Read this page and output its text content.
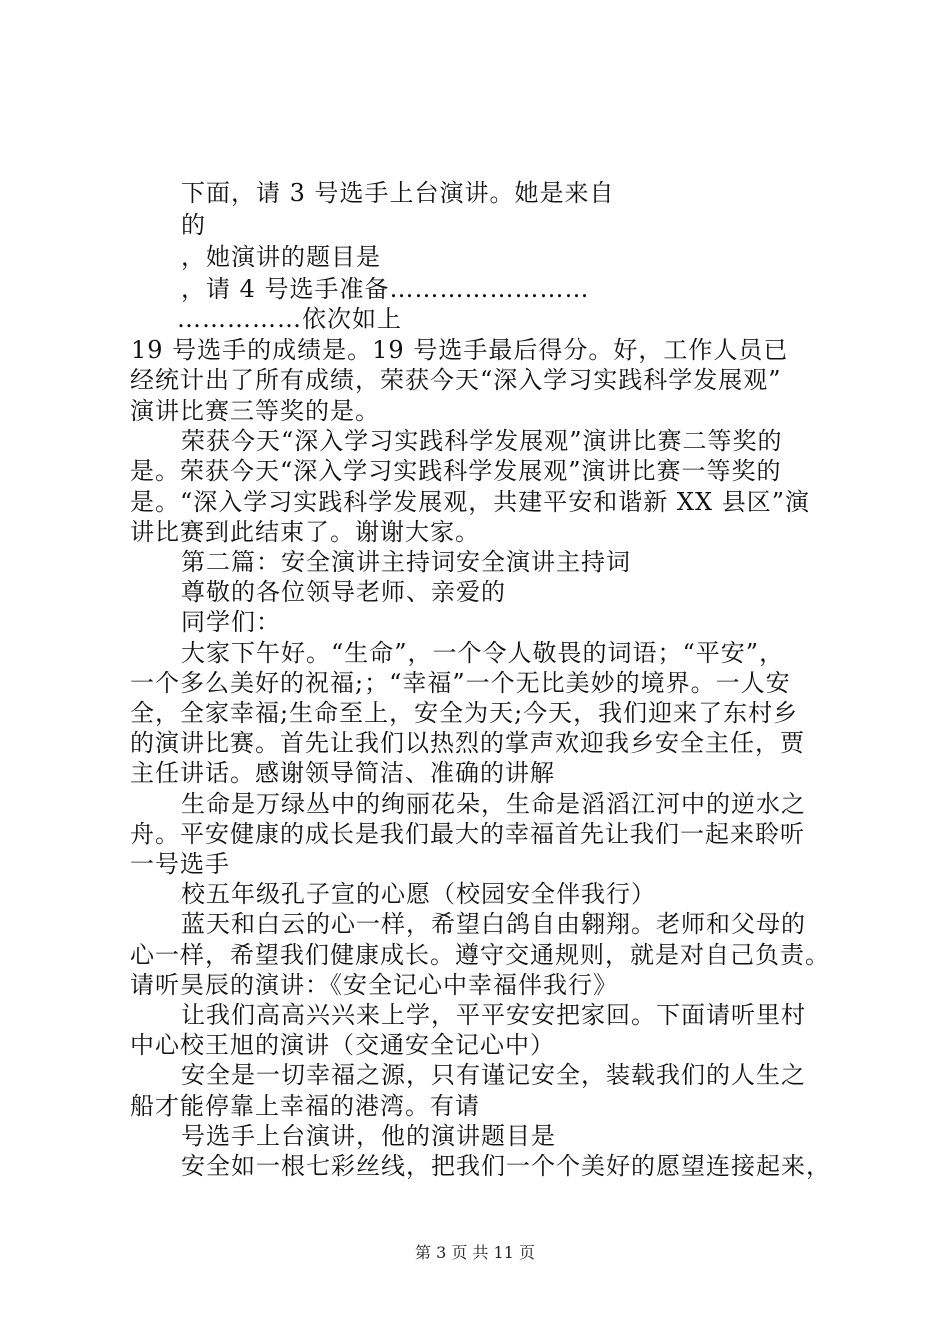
下面，请 3 号选手上台演讲。她是来自
的
，她演讲的题目是
，请 4 号选手准备……………………
……………依次如上
19 号选手的成绩是。19 号选手最后得分。好，工作人员已
经统计出了所有成绩，荣获今天“深入学习实践科学发展观”
演讲比赛三等奖的是。
荣获今天“深入学习实践科学发展观”演讲比赛二等奖的
是。荣获今天“深入学习实践科学发展观”演讲比赛一等奖的
是。“深入学习实践科学发展观，共建平安和谐新 XX 县区”演
讲比赛到此结束了。谢谢大家。
第二篇：安全演讲主持词安全演讲主持词
尊敬的各位领导老师、亲爱的
同学们：
大家下午好。“生命”，一个令人敬畏的词语；“平安”，
一个多么美好的祝福;；“幸福”一个无比美妙的境界。一人安
全，全家幸福;生命至上，安全为天;今天，我们迎来了东村乡
的演讲比赛。首先让我们以热烈的掌声欢迎我乡安全主任，贾
主任讲话。感谢领导简洁、准确的讲解
生命是万绿丛中的绚丽花朵，生命是滔滔江河中的逆水之
舟。平安健康的成长是我们最大的幸福首先让我们一起来聆听
一号选手
校五年级孔子宣的心愿（校园安全伴我行）
蓝天和白云的心一样，希望白鸽自由翱翔。老师和父母的
心一样，希望我们健康成长。遵守交通规则，就是对自己负责。
请听昊辰的演讲：《安全记心中幸福伴我行》
让我们高高兴兴来上学，平平安安把家回。下面请听里村
中心校王旭的演讲（交通安全记心中）
安全是一切幸福之源，只有谨记安全，装载我们的人生之
船才能停靠上幸福的港湾。有请
号选手上台演讲，他的演讲题目是
安全如一根七彩丝线，把我们一个个美好的愿望连接起来，
第 3 页 共 11 页
